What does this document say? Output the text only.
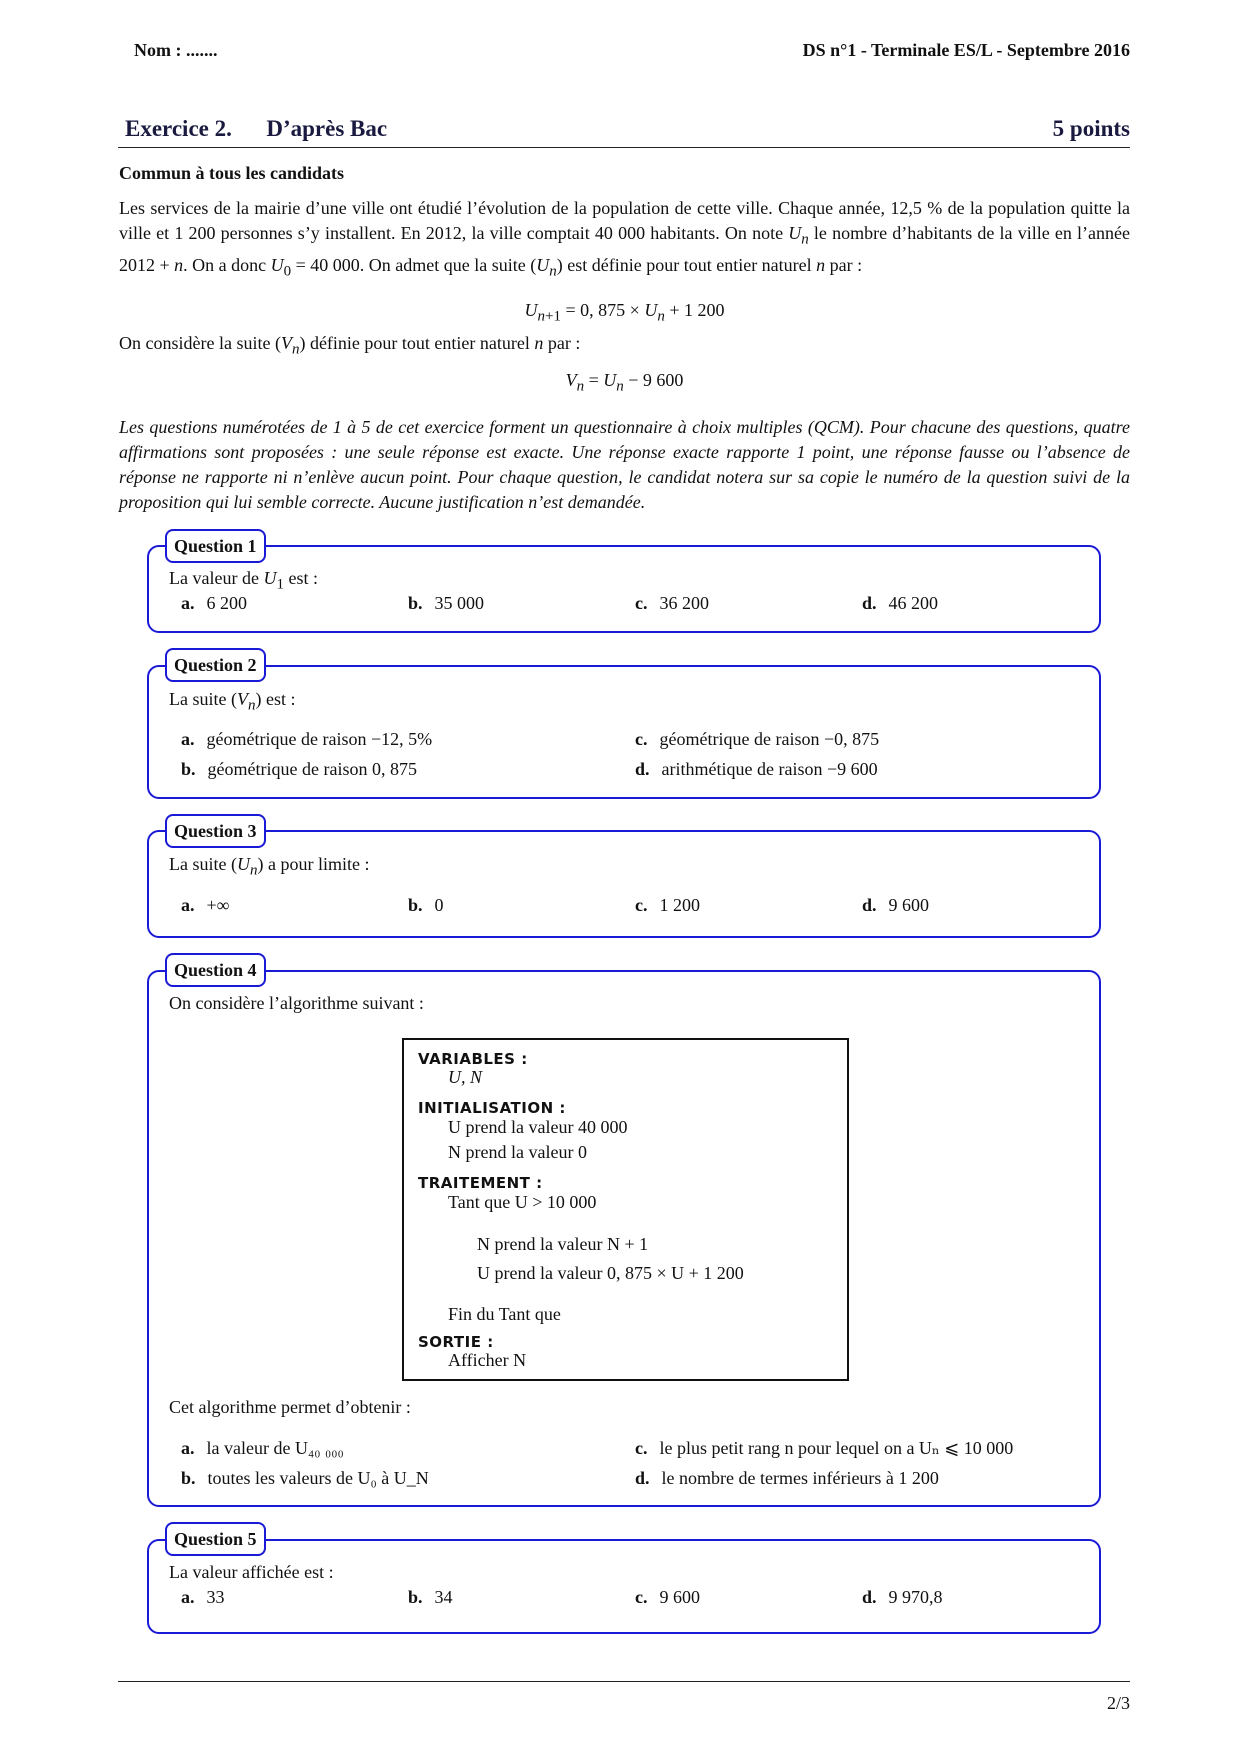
Nom : .......	DS n°1 - Terminale ES/L - Septembre 2016
Exercice 2.      D’après Bac	5 points
Commun à tous les candidats
Les services de la mairie d’une ville ont étudié l’évolution de la population de cette ville. Chaque année, 12,5 % de la population quitte la ville et 1 200 personnes s’y installent. En 2012, la ville comptait 40 000 habitants. On note $U_n$ le nombre d’habitants de la ville en l’année 2012 + n. On a donc $U_0 = 40$ 000. On admet que la suite $(U_n)$ est définie pour tout entier naturel n par :
$U_{n+1} = 0$, $875 \times U_n + 1$ 200
On considère la suite $(V_n)$ définie pour tout entier naturel n par :
$V_n = U_n - 9$ 600
Les questions numérotées de 1 à 5 de cet exercice forment un questionnaire à choix multiples (QCM). Pour chacune des questions, quatre affirmations sont proposées : une seule réponse est exacte. Une réponse exacte rapporte 1 point, une réponse fausse ou l’absence de réponse ne rapporte ni n’enlève aucun point. Pour chaque question, le candidat notera sur sa copie le numéro de la question suivi de la proposition qui lui semble correcte. Aucune justification n’est demandée.
Question 1
La valeur de $U_1$ est :
a. 6 200	b. 35 000	c. 36 200	d. 46 200
Question 2
La suite $(V_n)$ est :
a. géométrique de raison −12, 5%	c. géométrique de raison −0, 875
b. géométrique de raison 0, 875	d. arithmétique de raison −9 600
Question 3
La suite $(U_n)$ a pour limite :
a. +∞	b. 0	c. 1 200	d. 9 600
Question 4
On considère l’algorithme suivant :
VARIABLES :
U, N
INITIALISATION :
U prend la valeur 40 000
N prend la valeur 0
TRAITEMENT :
Tant que U > 10 000
N prend la valeur N + 1
U prend la valeur 0, 875 × U + 1 200
Fin du Tant que
SORTIE :
Afficher N
Cet algorithme permet d’obtenir :
a. la valeur de U₄₀ ₀₀₀	c. le plus petit rang n pour lequel on a Uₙ ⩽ 10 000
b. toutes les valeurs de U₀ à U_N	d. le nombre de termes inférieurs à 1 200
Question 5
La valeur affichée est :
a. 33	b. 34	c. 9 600	d. 9 970,8
2/3
